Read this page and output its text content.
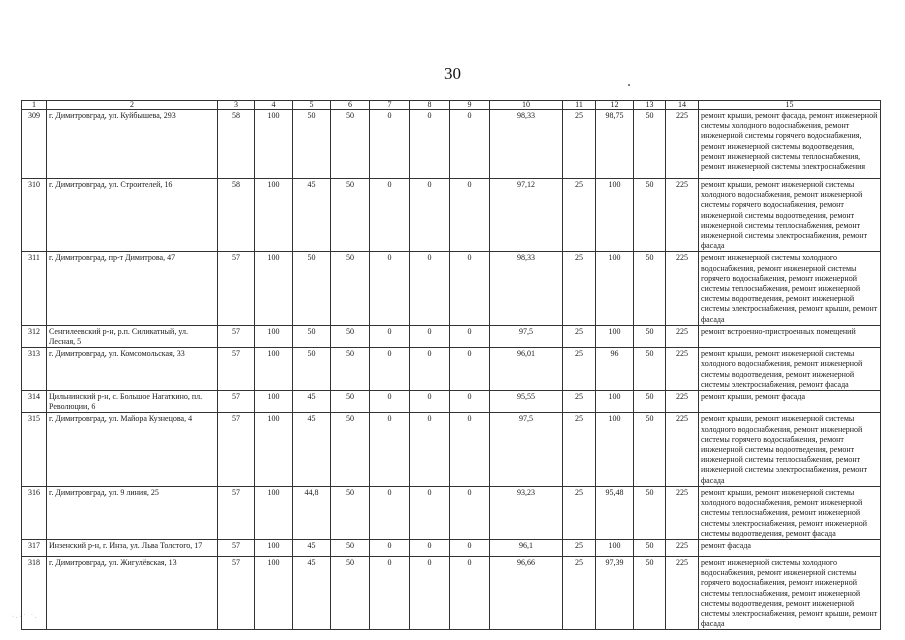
30
1	2	3	4	5	6	7	8	9	10	11	12	13	14	15
309	г. Димитровград, ул. Куйбышева, 293	58	100	50	50	0	0	0	98,33	25	98,75	50	225	ремонт крыши, ремонт фасада, ремонт инженерной системы холодного водоснабжения, ремонт инженерной системы горячего водоснабжения, ремонт инженерной системы водоотведения, ремонт инженерной системы теплоснабжения, ремонт инженерной системы электроснабжения
310	г. Димитровград, ул. Строителей, 16	58	100	45	50	0	0	0	97,12	25	100	50	225	ремонт крыши, ремонт инженерной системы холодного водоснабжения, ремонт инженерной системы горячего водоснабжения, ремонт инженерной системы водоотведения, ремонт инженерной системы теплоснабжения, ремонт инженерной системы электроснабжения, ремонт фасада
311	г. Димитровград, пр-т Димитрова, 47	57	100	50	50	0	0	0	98,33	25	100	50	225	ремонт инженерной системы холодного водоснабжения, ремонт инженерной системы горячего водоснабжения, ремонт инженерной системы теплоснабжения, ремонт инженерной системы водоотведения, ремонт инженерной системы электроснабжения, ремонт крыши, ремонт фасада
312	Сенгилеевский р-н, р.п. Силикатный, ул. Лесная, 5	57	100	50	50	0	0	0	97,5	25	100	50	225	ремонт встроенно-пристроенных помещений
313	г. Димитровград, ул. Комсомольская, 33	57	100	50	50	0	0	0	96,01	25	96	50	225	ремонт крыши, ремонт инженерной системы холодного водоснабжения, ремонт инженерной системы водоотведения, ремонт инженерной системы электроснабжения, ремонт фасада
314	Цильнинский р-н, с. Большое Нагаткино, пл. Революции, 6	57	100	45	50	0	0	0	95,55	25	100	50	225	ремонт крыши, ремонт фасада
315	г. Димитровград, ул. Майора Кузнецова, 4	57	100	45	50	0	0	0	97,5	25	100	50	225	ремонт крыши, ремонт инженерной системы холодного водоснабжения, ремонт инженерной системы горячего водоснабжения, ремонт инженерной системы водоотведения, ремонт инженерной системы теплоснабжения, ремонт инженерной системы электроснабжения, ремонт фасада
316	г. Димитровград, ул. 9 линия, 25	57	100	44,8	50	0	0	0	93,23	25	95,48	50	225	ремонт крыши, ремонт инженерной системы холодного водоснабжения, ремонт инженерной системы теплоснабжения, ремонт инженерной системы электроснабжения, ремонт инженерной системы водоотведения, ремонт фасада
317	Инзенский р-н, г. Инза, ул. Льва Толстого, 17	57	100	45	50	0	0	0	96,1	25	100	50	225	ремонт фасада
318	г. Димитровград, ул. Жигулёвская, 13	57	100	45	50	0	0	0	96,66	25	97,39	50	225	ремонт инженерной системы холодного водоснабжения, ремонт инженерной системы горячего водоснабжения, ремонт инженерной системы теплоснабжения, ремонт инженерной системы водоотведения, ремонт инженерной системы электроснабжения, ремонт крыши, ремонт фасада
·.·˙ ˙.
